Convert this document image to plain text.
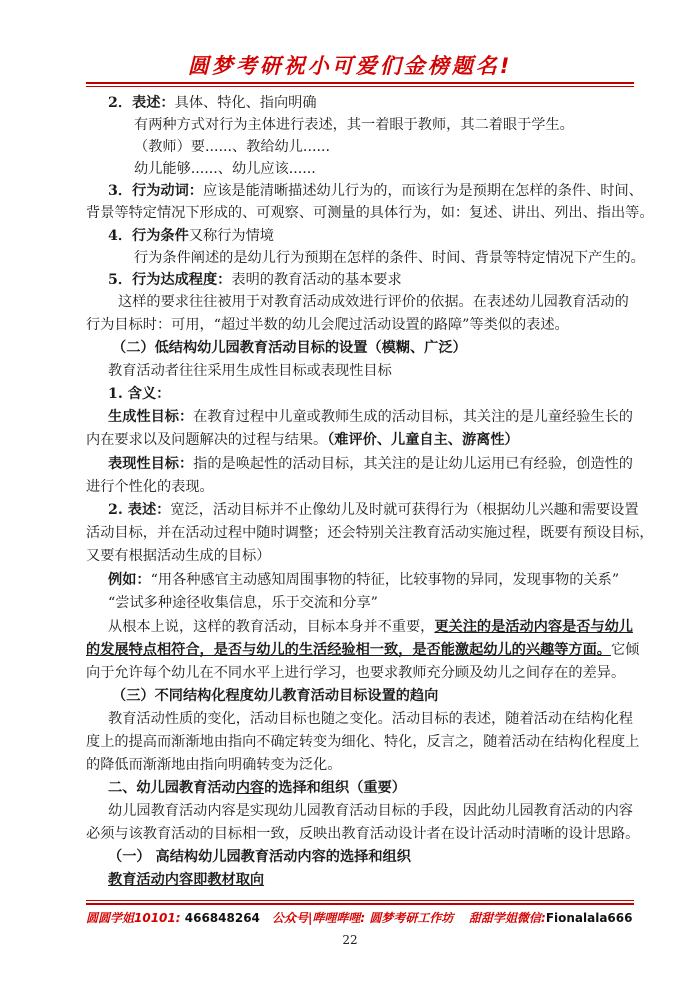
圆梦考研祝小可爱们金榜题名!
2．表述：具体、特化、指向明确
有两种方式对行为主体进行表述，其一着眼于教师，其二着眼于学生。
（教师）要......、教给幼儿......
幼儿能够......、幼儿应该......
3．行为动词：应该是能清晰描述幼儿行为的，而该行为是预期在怎样的条件、时间、
背景等特定情况下形成的、可观察、可测量的具体行为，如：复述、讲出、列出、指出等。
4．行为条件又称行为情境
行为条件阐述的是幼儿行为预期在怎样的条件、时间、背景等特定情况下产生的。
5．行为达成程度：表明的教育活动的基本要求
这样的要求往往被用于对教育活动成效进行评价的依据。在表述幼儿园教育活动的
行为目标时：可用，“超过半数的幼儿会爬过活动设置的路障”等类似的表述。
（二）低结构幼儿园教育活动目标的设置（模糊、广泛）
教育活动者往往采用生成性目标或表现性目标
1. 含义：
生成性目标：在教育过程中儿童或教师生成的活动目标，其关注的是儿童经验生长的
内在要求以及问题解决的过程与结果。（难评价、儿童自主、游离性）
表现性目标：指的是唤起性的活动目标，其关注的是让幼儿运用已有经验，创造性的
进行个性化的表现。
2. 表述：宽泛，活动目标并不止像幼儿及时就可获得行为（根据幼儿兴趣和需要设置
活动目标，并在活动过程中随时调整；还会特别关注教育活动实施过程，既要有预设目标，
又要有根据活动生成的目标）
例如：“用各种感官主动感知周围事物的特征，比较事物的异同，发现事物的关系”
“尝试多种途径收集信息，乐于交流和分享”
从根本上说，这样的教育活动，目标本身并不重要，更关注的是活动内容是否与幼儿
的发展特点相符合，是否与幼儿的生活经验相一致，是否能激起幼儿的兴趣等方面。它倾
向于允许每个幼儿在不同水平上进行学习，也要求教师充分顾及幼儿之间存在的差异。
（三）不同结构化程度幼儿教育活动目标设置的趋向
教育活动性质的变化，活动目标也随之变化。活动目标的表述，随着活动在结构化程
度上的提高而渐渐地由指向不确定转变为细化、特化，反言之，随着活动在结构化程度上
的降低而渐渐地由指向明确转变为泛化。
二、幼儿园教育活动内容的选择和组织（重要）
幼儿园教育活动内容是实现幼儿园教育活动目标的手段，因此幼儿园教育活动的内容
必须与该教育活动的目标相一致，反映出教育活动设计者在设计活动时清晰的设计思路。
（一） 高结构幼儿园教育活动内容的选择和组织
教育活动内容即教材取向
圆圆学姐10101: 466848264 公众号|哔哩哔哩: 圆梦考研工作坊 甜甜学姐微信:Fionalala666
22
